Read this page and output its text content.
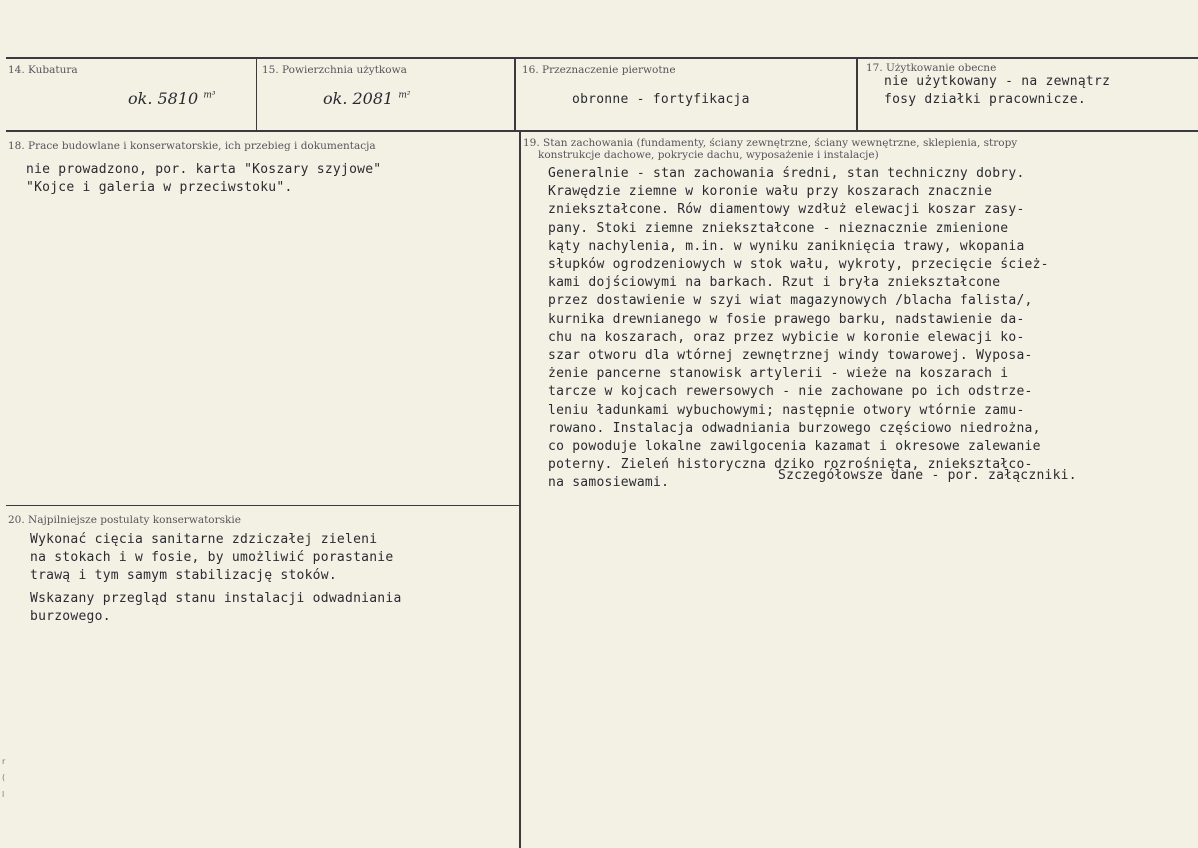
14. Kubatura
ok. 5810 $^{m^3}$
15. Powierzchnia użytkowa
ok. 2081 $^{m^2}$
16. Przeznaczenie pierwotne
obronne - fortyfikacja
17. Użytkowanie obecne
nie użytkowany - na zewnątrz
fosy działki pracownicze.
18. Prace budowlane i konserwatorskie, ich przebieg i dokumentacja
nie prowadzono, por. karta "Koszary szyjowe"
"Kojce i galeria w przeciwstoku".
19. Stan zachowania (fundamenty, ściany zewnętrzne, ściany wewnętrzne, sklepienia, stropy
konstrukcje dachowe, pokrycie dachu, wyposażenie i instalacje)
Generalnie - stan zachowania średni, stan techniczny dobry.
Krawędzie ziemne w koronie wału przy koszarach znacznie
zniekształcone. Rów diamentowy wzdłuż elewacji koszar zasy-
pany. Stoki ziemne zniekształcone - nieznacznie zmienione
kąty nachylenia, m.in. w wyniku zaniknięcia trawy, wkopania
słupków ogrodzeniowych w stok wału, wykroty, przecięcie ścież-
kami dojściowymi na barkach. Rzut i bryła zniekształcone
przez dostawienie w szyi wiat magazynowych /blacha falista/,
kurnika drewnianego w fosie prawego barku, nadstawienie da-
chu na koszarach, oraz przez wybicie w koronie elewacji ko-
szar otworu dla wtórnej zewnętrznej windy towarowej. Wyposa-
żenie pancerne stanowisk artylerii - wieże na koszarach i
tarcze w kojcach rewersowych - nie zachowane po ich odstrze-
leniu ładunkami wybuchowymi; następnie otwory wtórnie zamu-
rowano. Instalacja odwadniania burzowego częściowo niedrożna,
co powoduje lokalne zawilgocenia kazamat i okresowe zalewanie
poterny. Zieleń historyczna dziko rozrośnięta, zniekształco-
na samosiewami.	Szczegółowsze dane - por. załączniki.
20. Najpilniejsze postulaty konserwatorskie
Wykonać cięcia sanitarne zdziczałej zieleni
na stokach i w fosie, by umożliwić porastanie
trawą i tym samym stabilizację stoków.
Wskazany przegląd stanu instalacji odwadniania
burzowego.
r
(
l
